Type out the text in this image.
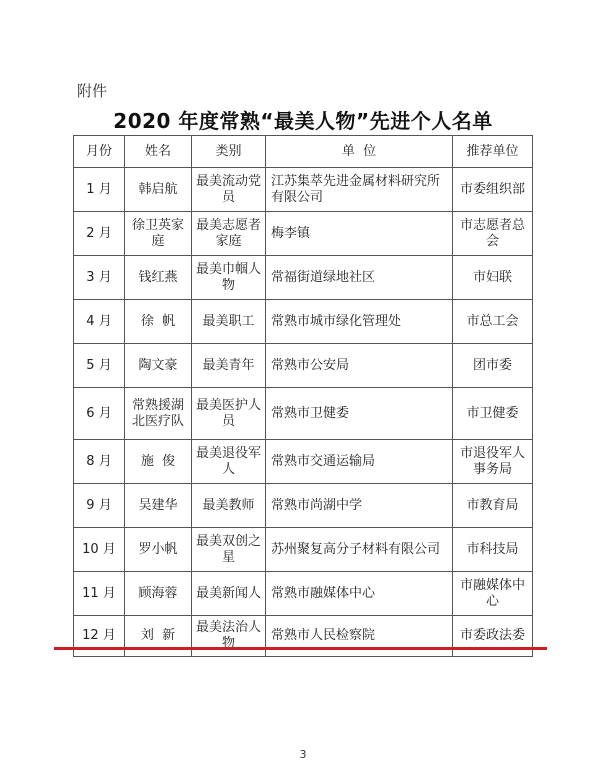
附件
2020 年度常熟“最美人物”先进个人名单
月份	姓名	类别	单  位	推荐单位
1 月	韩启航	最美流动党员	江苏集萃先进金属材料研究所有限公司	市委组织部
2 月	徐卫英家庭	最美志愿者家庭	梅李镇	市志愿者总会
3 月	钱红燕	最美巾帼人物	常福街道绿地社区	市妇联
4 月	徐  帆	最美职工	常熟市城市绿化管理处	市总工会
5 月	陶文豪	最美青年	常熟市公安局	团市委
6 月	常熟援湖北医疗队	最美医护人员	常熟市卫健委	市卫健委
8 月	施  俊	最美退役军人	常熟市交通运输局	市退役军人事务局
9 月	吴建华	最美教师	常熟市尚湖中学	市教育局
10 月	罗小帆	最美双创之星	苏州聚复高分子材料有限公司	市科技局
11 月	顾海蓉	最美新闻人	常熟市融媒体中心	市融媒体中心
12 月	刘  新	最美法治人物	常熟市人民检察院	市委政法委
3
